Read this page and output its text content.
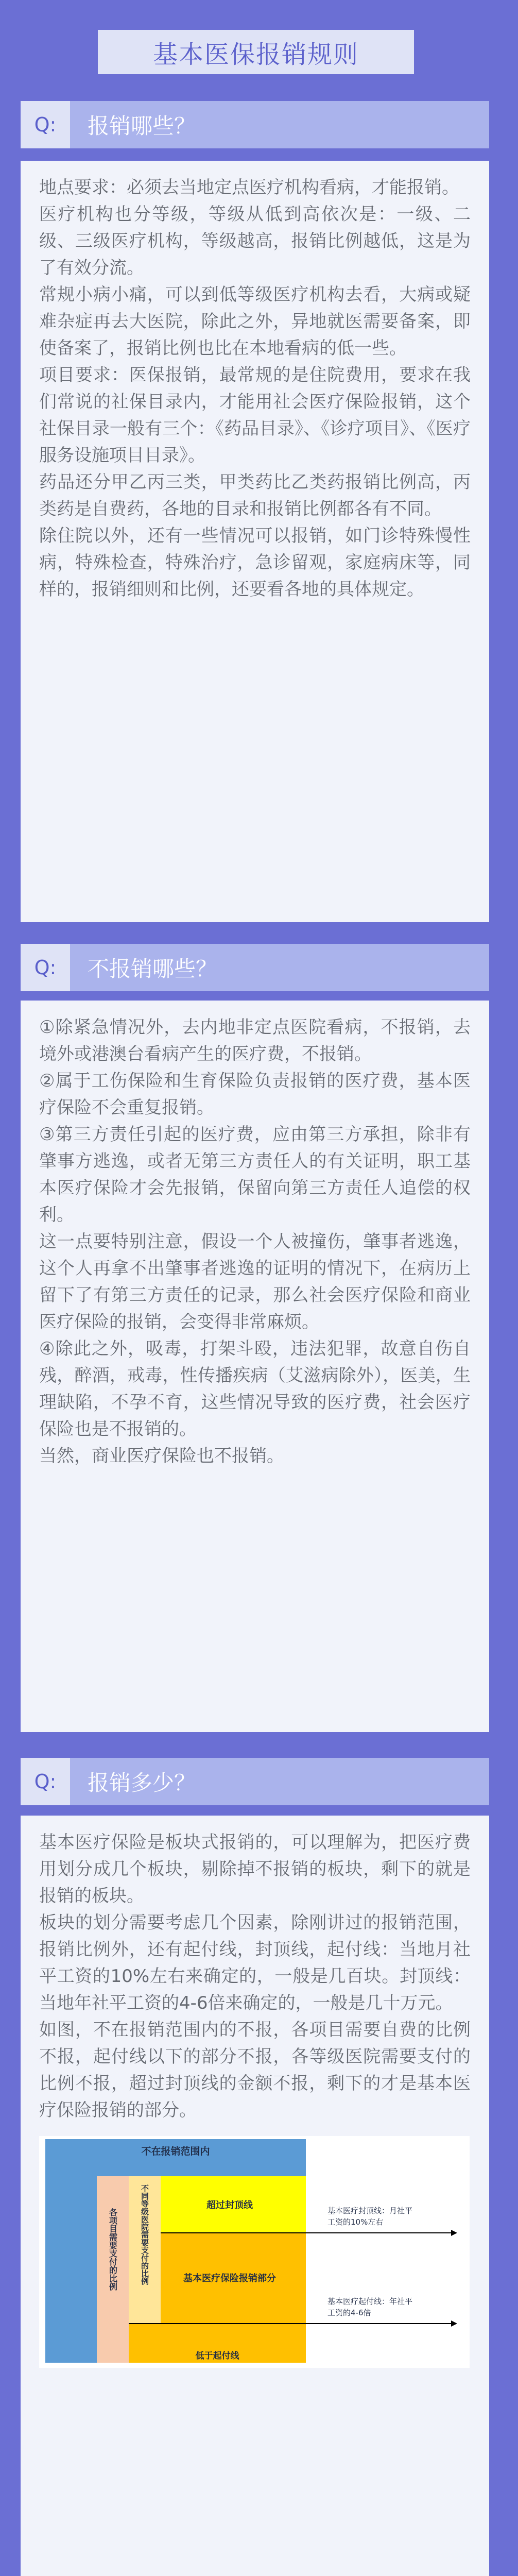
基本医保报销规则
Q:	报销哪些？

地点要求：必须去当地定点医疗机构看病，才能报销。

医疗机构也分等级，等级从低到高依次是：一级、二级、三级医疗机构，等级越高，报销比例越低，这是为了有效分流。

常规小病小痛，可以到低等级医疗机构去看，大病或疑难杂症再去大医院，除此之外，异地就医需要备案，即使备案了，报销比例也比在本地看病的低一些。

项目要求：医保报销，最常规的是住院费用，要求在我们常说的社保目录内，才能用社会医疗保险报销，这个社保目录一般有三个：《药品目录》、《诊疗项目》、《医疗服务设施项目目录》。

药品还分甲乙丙三类，甲类药比乙类药报销比例高，丙类药是自费药，各地的目录和报销比例都各有不同。

除住院以外，还有一些情况可以报销，如门诊特殊慢性病，特殊检查，特殊治疗，急诊留观，家庭病床等，同样的，报销细则和比例，还要看各地的具体规定。

Q:	不报销哪些？

①除紧急情况外，去内地非定点医院看病，不报销，去境外或港澳台看病产生的医疗费，不报销。

②属于工伤保险和生育保险负责报销的医疗费，基本医疗保险不会重复报销。

③第三方责任引起的医疗费，应由第三方承担，除非有肇事方逃逸，或者无第三方责任人的有关证明，职工基本医疗保险才会先报销，保留向第三方责任人追偿的权利。

这一点要特别注意，假设一个人被撞伤，肇事者逃逸，这个人再拿不出肇事者逃逸的证明的情况下，在病历上留下了有第三方责任的记录，那么社会医疗保险和商业医疗保险的报销，会变得非常麻烦。

④除此之外，吸毒，打架斗殴，违法犯罪，故意自伤自残，醉酒，戒毒，性传播疾病（艾滋病除外），医美，生理缺陷，不孕不育，这些情况导致的医疗费，社会医疗保险也是不报销的。

当然，商业医疗保险也不报销。

Q:	报销多少？

基本医疗保险是板块式报销的，可以理解为，把医疗费用划分成几个板块，剔除掉不报销的板块，剩下的就是报销的板块。

板块的划分需要考虑几个因素，除刚讲过的报销范围，报销比例外，还有起付线，封顶线，起付线：当地月社平工资的10%左右来确定的，一般是几百块。封顶线：当地年社平工资的4-6倍来确定的，一般是几十万元。

如图，不在报销范围内的不报，各项目需要自费的比例不报，起付线以下的部分不报，各等级医院需要支付的比例不报，超过封顶线的金额不报，剩下的才是基本医疗保险报销的部分。

不在报销范围内
各项目需要支付的比例	不同等级医院需要支付的比例	超过封顶线
基本医疗保险报销部分
低于起付线
基本医疗封顶线：月社平工资的10%左右
基本医疗起付线：年社平工资的4-6倍
